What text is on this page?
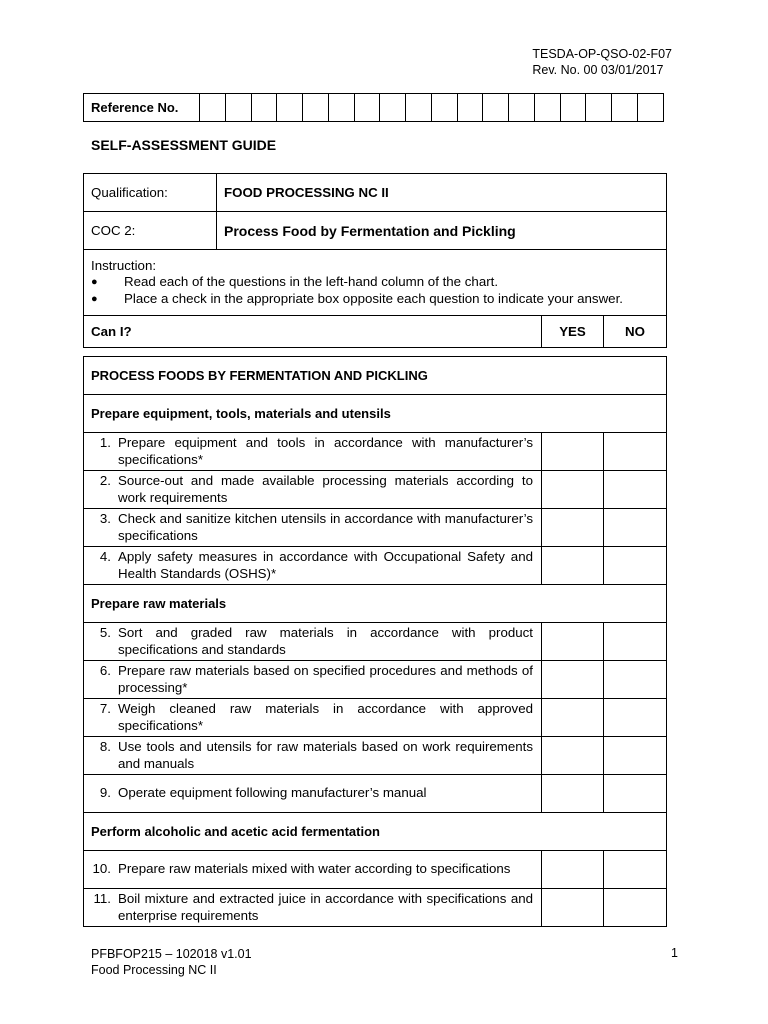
TESDA-OP-QSO-02-F07
Rev. No. 00 03/01/2017
Reference No.																		
SELF-ASSESSMENT GUIDE
Qualification:	FOOD PROCESSING NC II		
COC 2:	Process Food by Fermentation and Pickling		

Instruction:
● Read each of the questions in the left-hand column of the chart.
● Place a check in the appropriate box opposite each question to indicate your answer.			

Can I?		YES	NO
PROCESS FOODS BY FERMENTATION AND PICKLING		
Prepare equipment, tools, materials and utensils		

1. Prepare equipment and tools in accordance with manufacturer’s specifications*		

2. Source-out and made available processing materials according to work requirements		

3. Check and sanitize kitchen utensils in accordance with manufacturer’s specifications		

4. Apply safety measures in accordance with Occupational Safety and Health Standards (OSHS)*		

Prepare raw materials		

5. Sort and graded raw materials in accordance with product specifications and standards		

6. Prepare raw materials based on specified procedures and methods of processing*		

7. Weigh cleaned raw materials in accordance with approved specifications*		

8. Use tools and utensils for raw materials based on work requirements and manuals		

9. Operate equipment following manufacturer’s manual		

Perform alcoholic and acetic acid fermentation		

10. Prepare raw materials mixed with water according to specifications		

11. Boil mixture and extracted juice in accordance with specifications and enterprise requirements		

PFBFOP215 – 102018 v1.01
Food Processing NC II
1
